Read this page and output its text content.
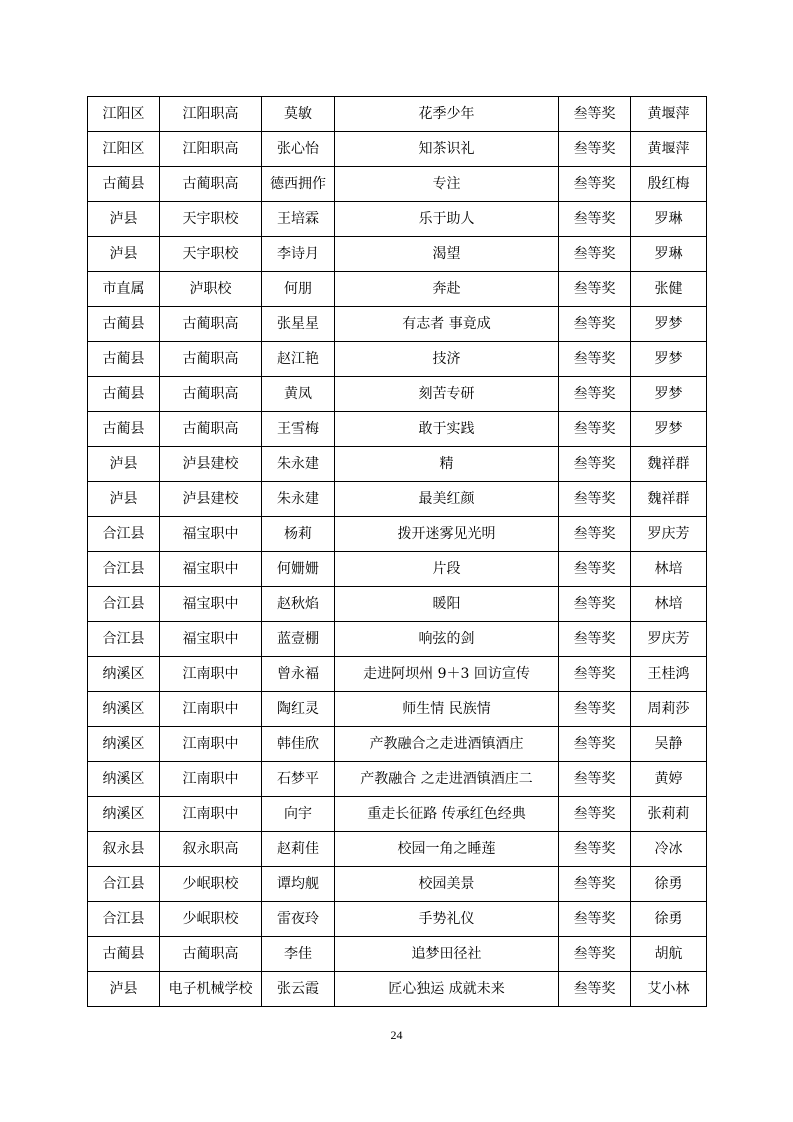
江阳区	江阳职高	莫敏	花季少年	叁等奖	黄堰萍
江阳区	江阳职高	张心怡	知茶识礼	叁等奖	黄堰萍
古蔺县	古蔺职高	德西拥作	专注	叁等奖	殷红梅
泸县	天宇职校	王培霖	乐于助人	叁等奖	罗琳
泸县	天宇职校	李诗月	渴望	叁等奖	罗琳
市直属	泸职校	何朋	奔赴	叁等奖	张健
古蔺县	古蔺职高	张星星	有志者 事竟成	叁等奖	罗梦
古蔺县	古蔺职高	赵江艳	技济	叁等奖	罗梦
古蔺县	古蔺职高	黄凤	刻苦专研	叁等奖	罗梦
古蔺县	古蔺职高	王雪梅	敢于实践	叁等奖	罗梦
泸县	泸县建校	朱永建	精	叁等奖	魏祥群
泸县	泸县建校	朱永建	最美红颜	叁等奖	魏祥群
合江县	福宝职中	杨莉	拨开迷雾见光明	叁等奖	罗庆芳
合江县	福宝职中	何姗姗	片段	叁等奖	林培
合江县	福宝职中	赵秋焰	暖阳	叁等奖	林培
合江县	福宝职中	蓝壹棚	响弦的剑	叁等奖	罗庆芳
纳溪区	江南职中	曾永褔	走进阿坝州 9＋3 回访宣传	叁等奖	王桂鸿
纳溪区	江南职中	陶红灵	师生情 民族情	叁等奖	周莉莎
纳溪区	江南职中	韩佳欣	产教融合之走进酒镇酒庄	叁等奖	吴静
纳溪区	江南职中	石梦平	产教融合 之走进酒镇酒庄二	叁等奖	黄婷
纳溪区	江南职中	向宇	重走长征路 传承红色经典	叁等奖	张莉莉
叙永县	叙永职高	赵莉佳	校园一角之睡莲	叁等奖	冷冰
合江县	少岷职校	谭均舰	校园美景	叁等奖	徐勇
合江县	少岷职校	雷夜玲	手势礼仪	叁等奖	徐勇
古蔺县	古蔺职高	李佳	追梦田径社	叁等奖	胡航
泸县	电子机械学校	张云霞	匠心独运 成就未来	叁等奖	艾小林
24
